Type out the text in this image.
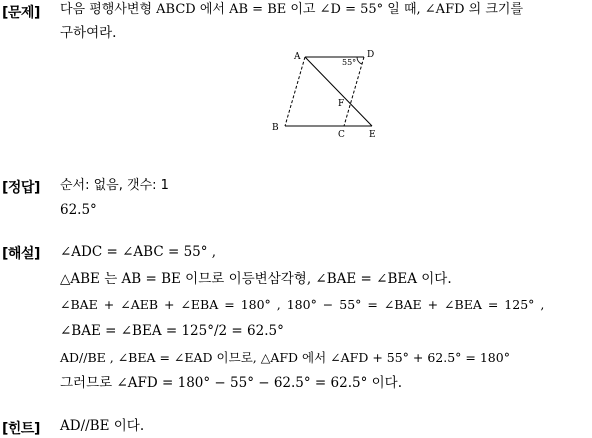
[문제] 다음 평행사변형 ABCD 에서 AB = BE 이고 ∠D = 55° 일 때, ∠AFD 의 크기를
구하여라.
A
B
C
D
E
F
55°
[정답] 순서: 없음, 갯수: 1
62.5°
[해설] ∠ADC = ∠ABC = 55° ,
△ABE 는 AB = BE 이므로 이등변삼각형, ∠BAE = ∠BEA 이다.
∠BAE + ∠AEB + ∠EBA = 180° , 180° − 55° = ∠BAE + ∠BEA = 125° ,
∠BAE = ∠BEA = 125°/2 = 62.5°
AD//BE , ∠BEA = ∠EAD 이므로, △AFD 에서 ∠AFD + 55° + 62.5° = 180°
그러므로 ∠AFD = 180° − 55° − 62.5° = 62.5° 이다.
[힌트] AD//BE 이다.
